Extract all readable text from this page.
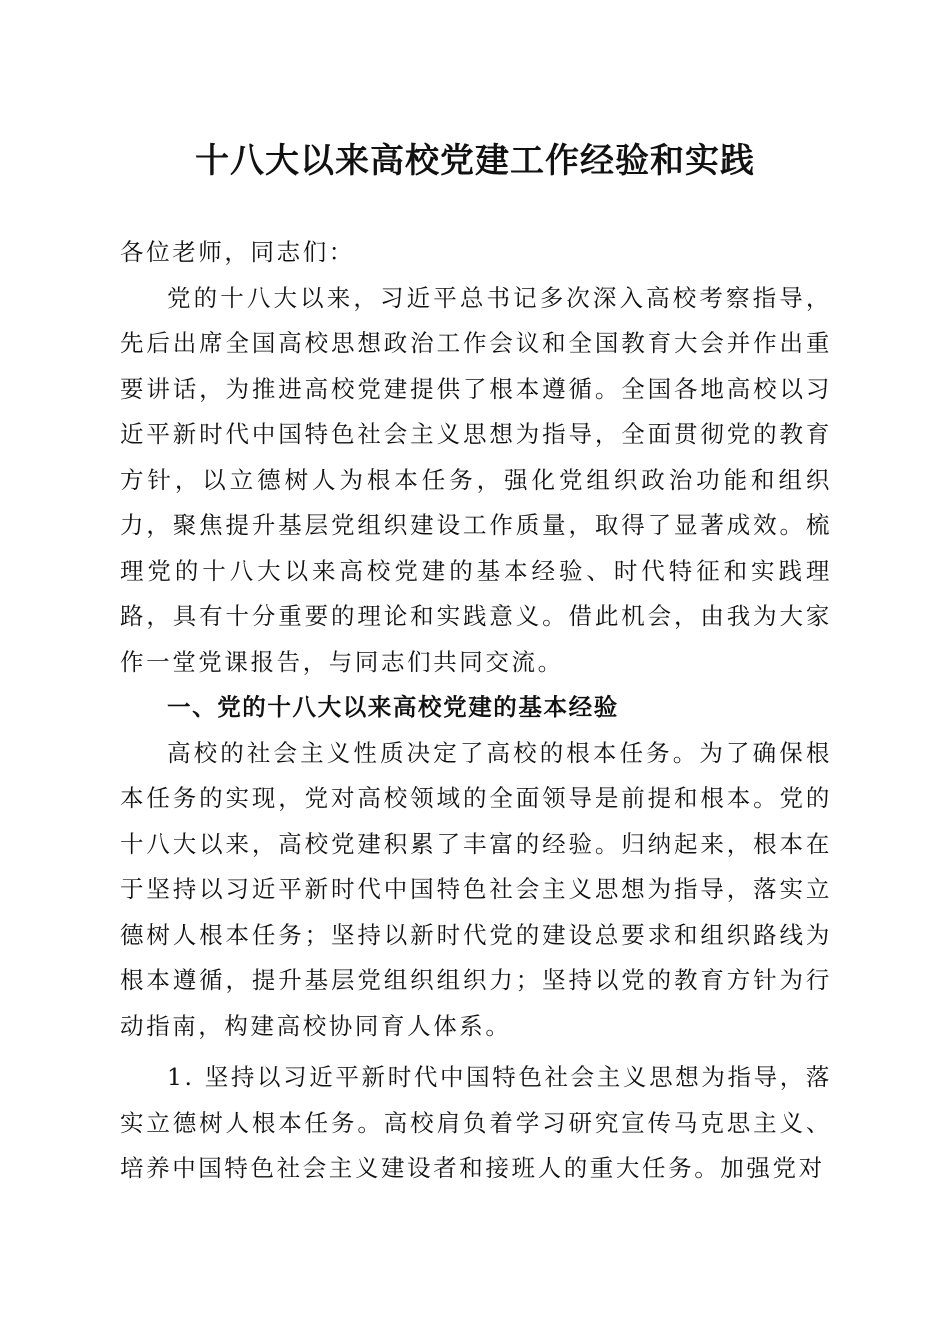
十八大以来高校党建工作经验和实践

各位老师，同志们：

党的十八大以来，习近平总书记多次深入高校考察指导，先后出席全国高校思想政治工作会议和全国教育大会并作出重要讲话，为推进高校党建提供了根本遵循。全国各地高校以习近平新时代中国特色社会主义思想为指导，全面贯彻党的教育方针，以立德树人为根本任务，强化党组织政治功能和组织力，聚焦提升基层党组织建设工作质量，取得了显著成效。梳理党的十八大以来高校党建的基本经验、时代特征和实践理路，具有十分重要的理论和实践意义。借此机会，由我为大家作一堂党课报告，与同志们共同交流。

一、党的十八大以来高校党建的基本经验

高校的社会主义性质决定了高校的根本任务。为了确保根本任务的实现，党对高校领域的全面领导是前提和根本。党的十八大以来，高校党建积累了丰富的经验。归纳起来，根本在于坚持以习近平新时代中国特色社会主义思想为指导，落实立德树人根本任务；坚持以新时代党的建设总要求和组织路线为根本遵循，提升基层党组织组织力；坚持以党的教育方针为行动指南，构建高校协同育人体系。

1. 坚持以习近平新时代中国特色社会主义思想为指导，落实立德树人根本任务。高校肩负着学习研究宣传马克思主义、培养中国特色社会主义建设者和接班人的重大任务。加强党对
